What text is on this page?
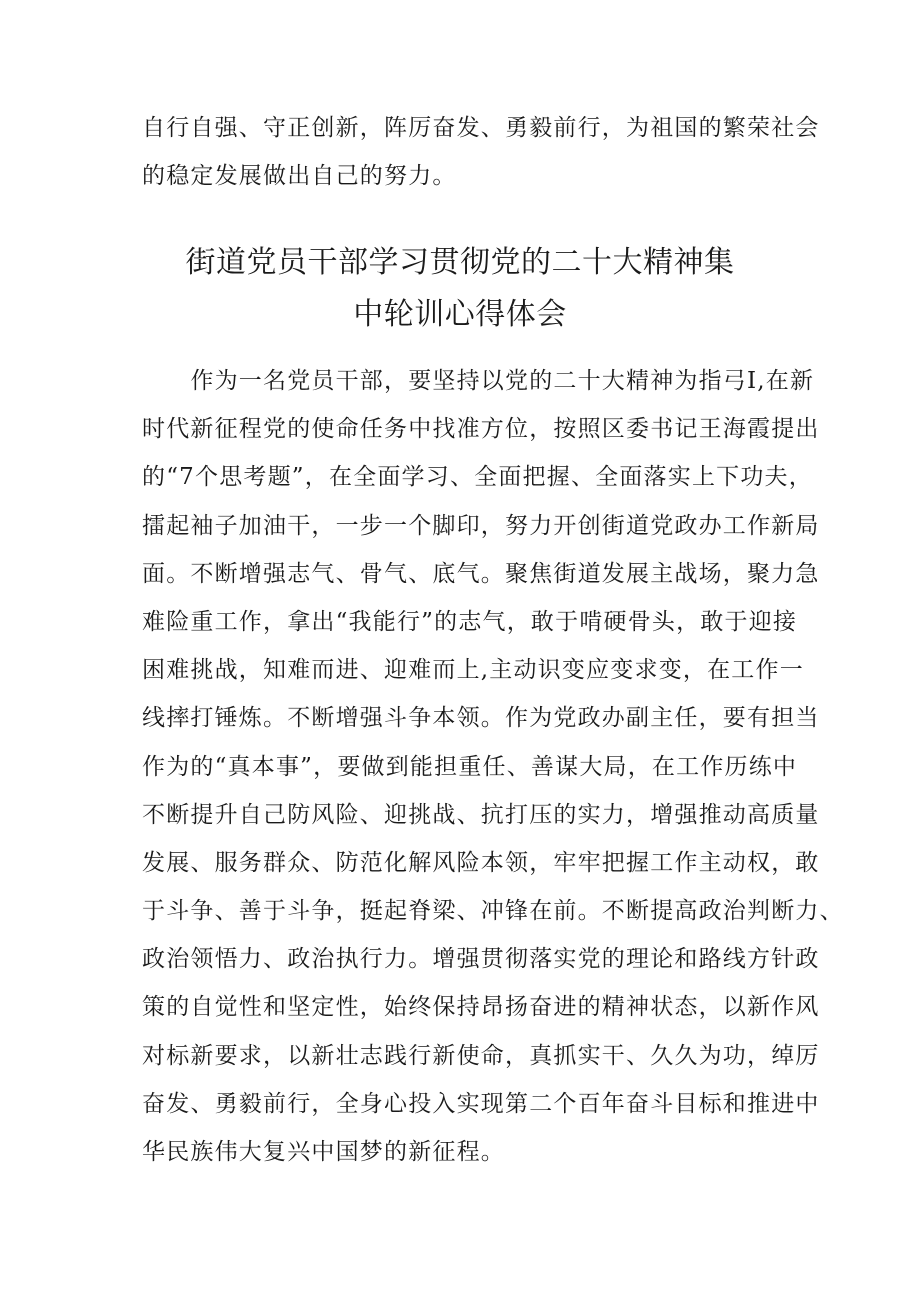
自行自强、守正创新，阵厉奋发、勇毅前行，为祖国的繁荣社会
的稳定发展做出自己的努力。

街道党员干部学习贯彻党的二十大精神集
中轮训心得体会

　　作为一名党员干部，要坚持以党的二十大精神为指弓I,在新
时代新征程党的使命任务中找准方位，按照区委书记王海霞提出
的“7个思考题”，在全面学习、全面把握、全面落实上下功夫，
擂起袖子加油干，一步一个脚印，努力开创街道党政办工作新局
面。不断增强志气、骨气、底气。聚焦街道发展主战场，聚力急
难险重工作，拿出“我能行”的志气，敢于啃硬骨头，敢于迎接
困难挑战，知难而进、迎难而上,主动识变应变求变，在工作一
线摔打锤炼。不断增强斗争本领。作为党政办副主任，要有担当
作为的“真本事”，要做到能担重任、善谋大局，在工作历练中
不断提升自己防风险、迎挑战、抗打压的实力，增强推动高质量
发展、服务群众、防范化解风险本领，牢牢把握工作主动权，敢
于斗争、善于斗争，挺起脊梁、冲锋在前。不断提高政治判断力、
政治领悟力、政治执行力。增强贯彻落实党的理论和路线方针政
策的自觉性和坚定性，始终保持昂扬奋进的精神状态，以新作风
对标新要求，以新壮志践行新使命，真抓实干、久久为功，绰厉
奋发、勇毅前行，全身心投入实现第二个百年奋斗目标和推进中
华民族伟大复兴中国梦的新征程。
